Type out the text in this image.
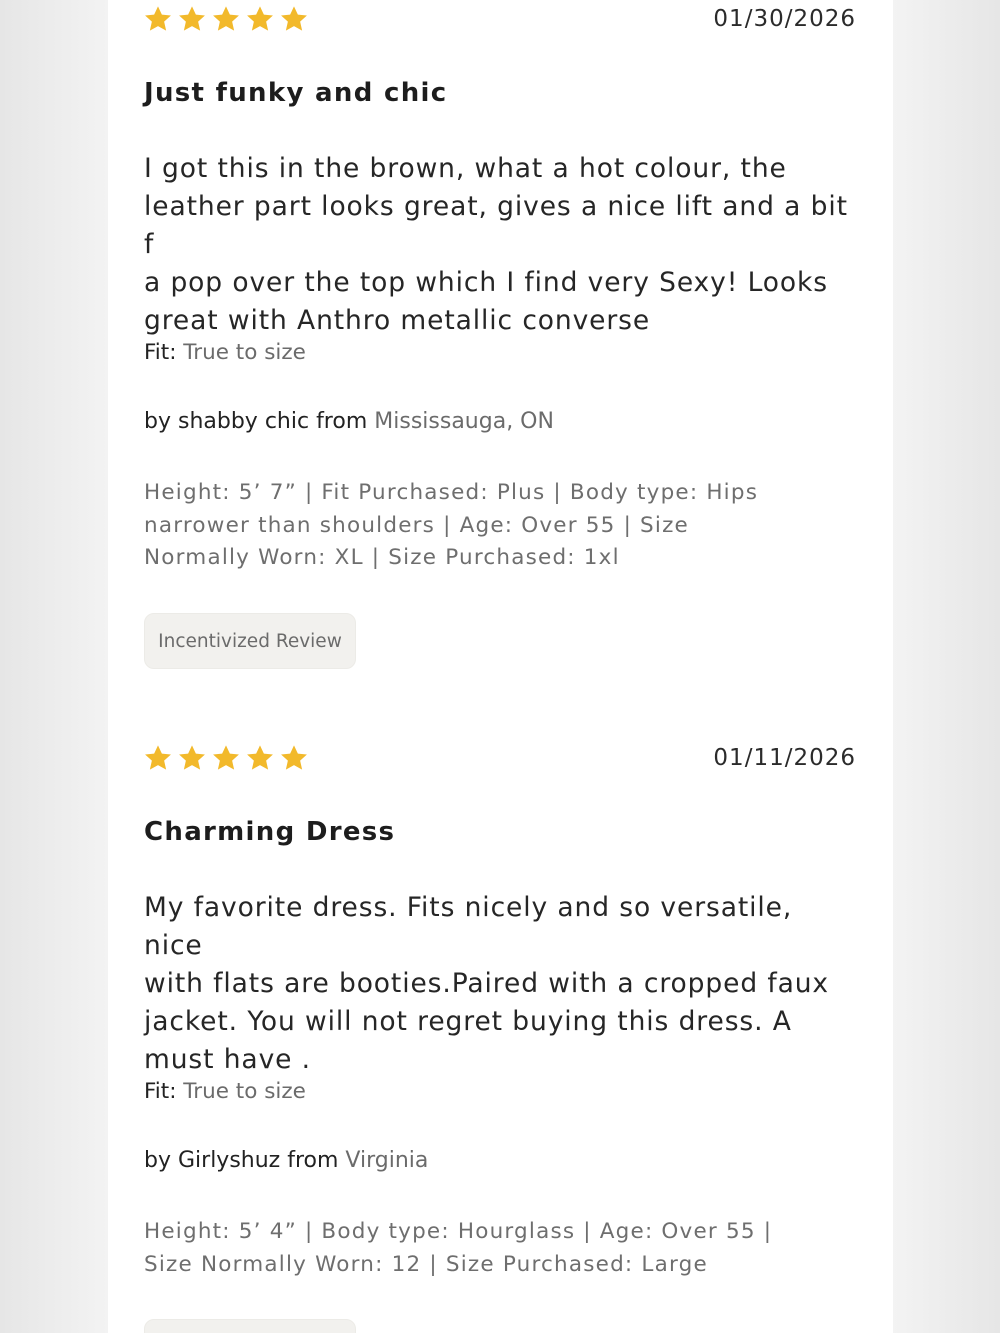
01/30/2026
Just funky and chic

I got this in the brown, what a hot colour, the
leather part looks great, gives a nice lift and a bit f
a pop over the top which I find very Sexy! Looks
great with Anthro metallic converse

Fit: True to size
by shabby chic from Mississauga, ON
Height: 5’ 7” | Fit Purchased: Plus | Body type: Hips
narrower than shoulders | Age: Over 55 | Size
Normally Worn: XL | Size Purchased: 1xl
Incentivized Review
01/11/2026
Charming Dress

My favorite dress. Fits nicely and so versatile, nice
with flats are booties.Paired with a cropped faux
jacket. You will not regret buying this dress. A
must have .

Fit: True to size
by Girlyshuz from Virginia
Height: 5’ 4” | Body type: Hourglass | Age: Over 55 |
Size Normally Worn: 12 | Size Purchased: Large
